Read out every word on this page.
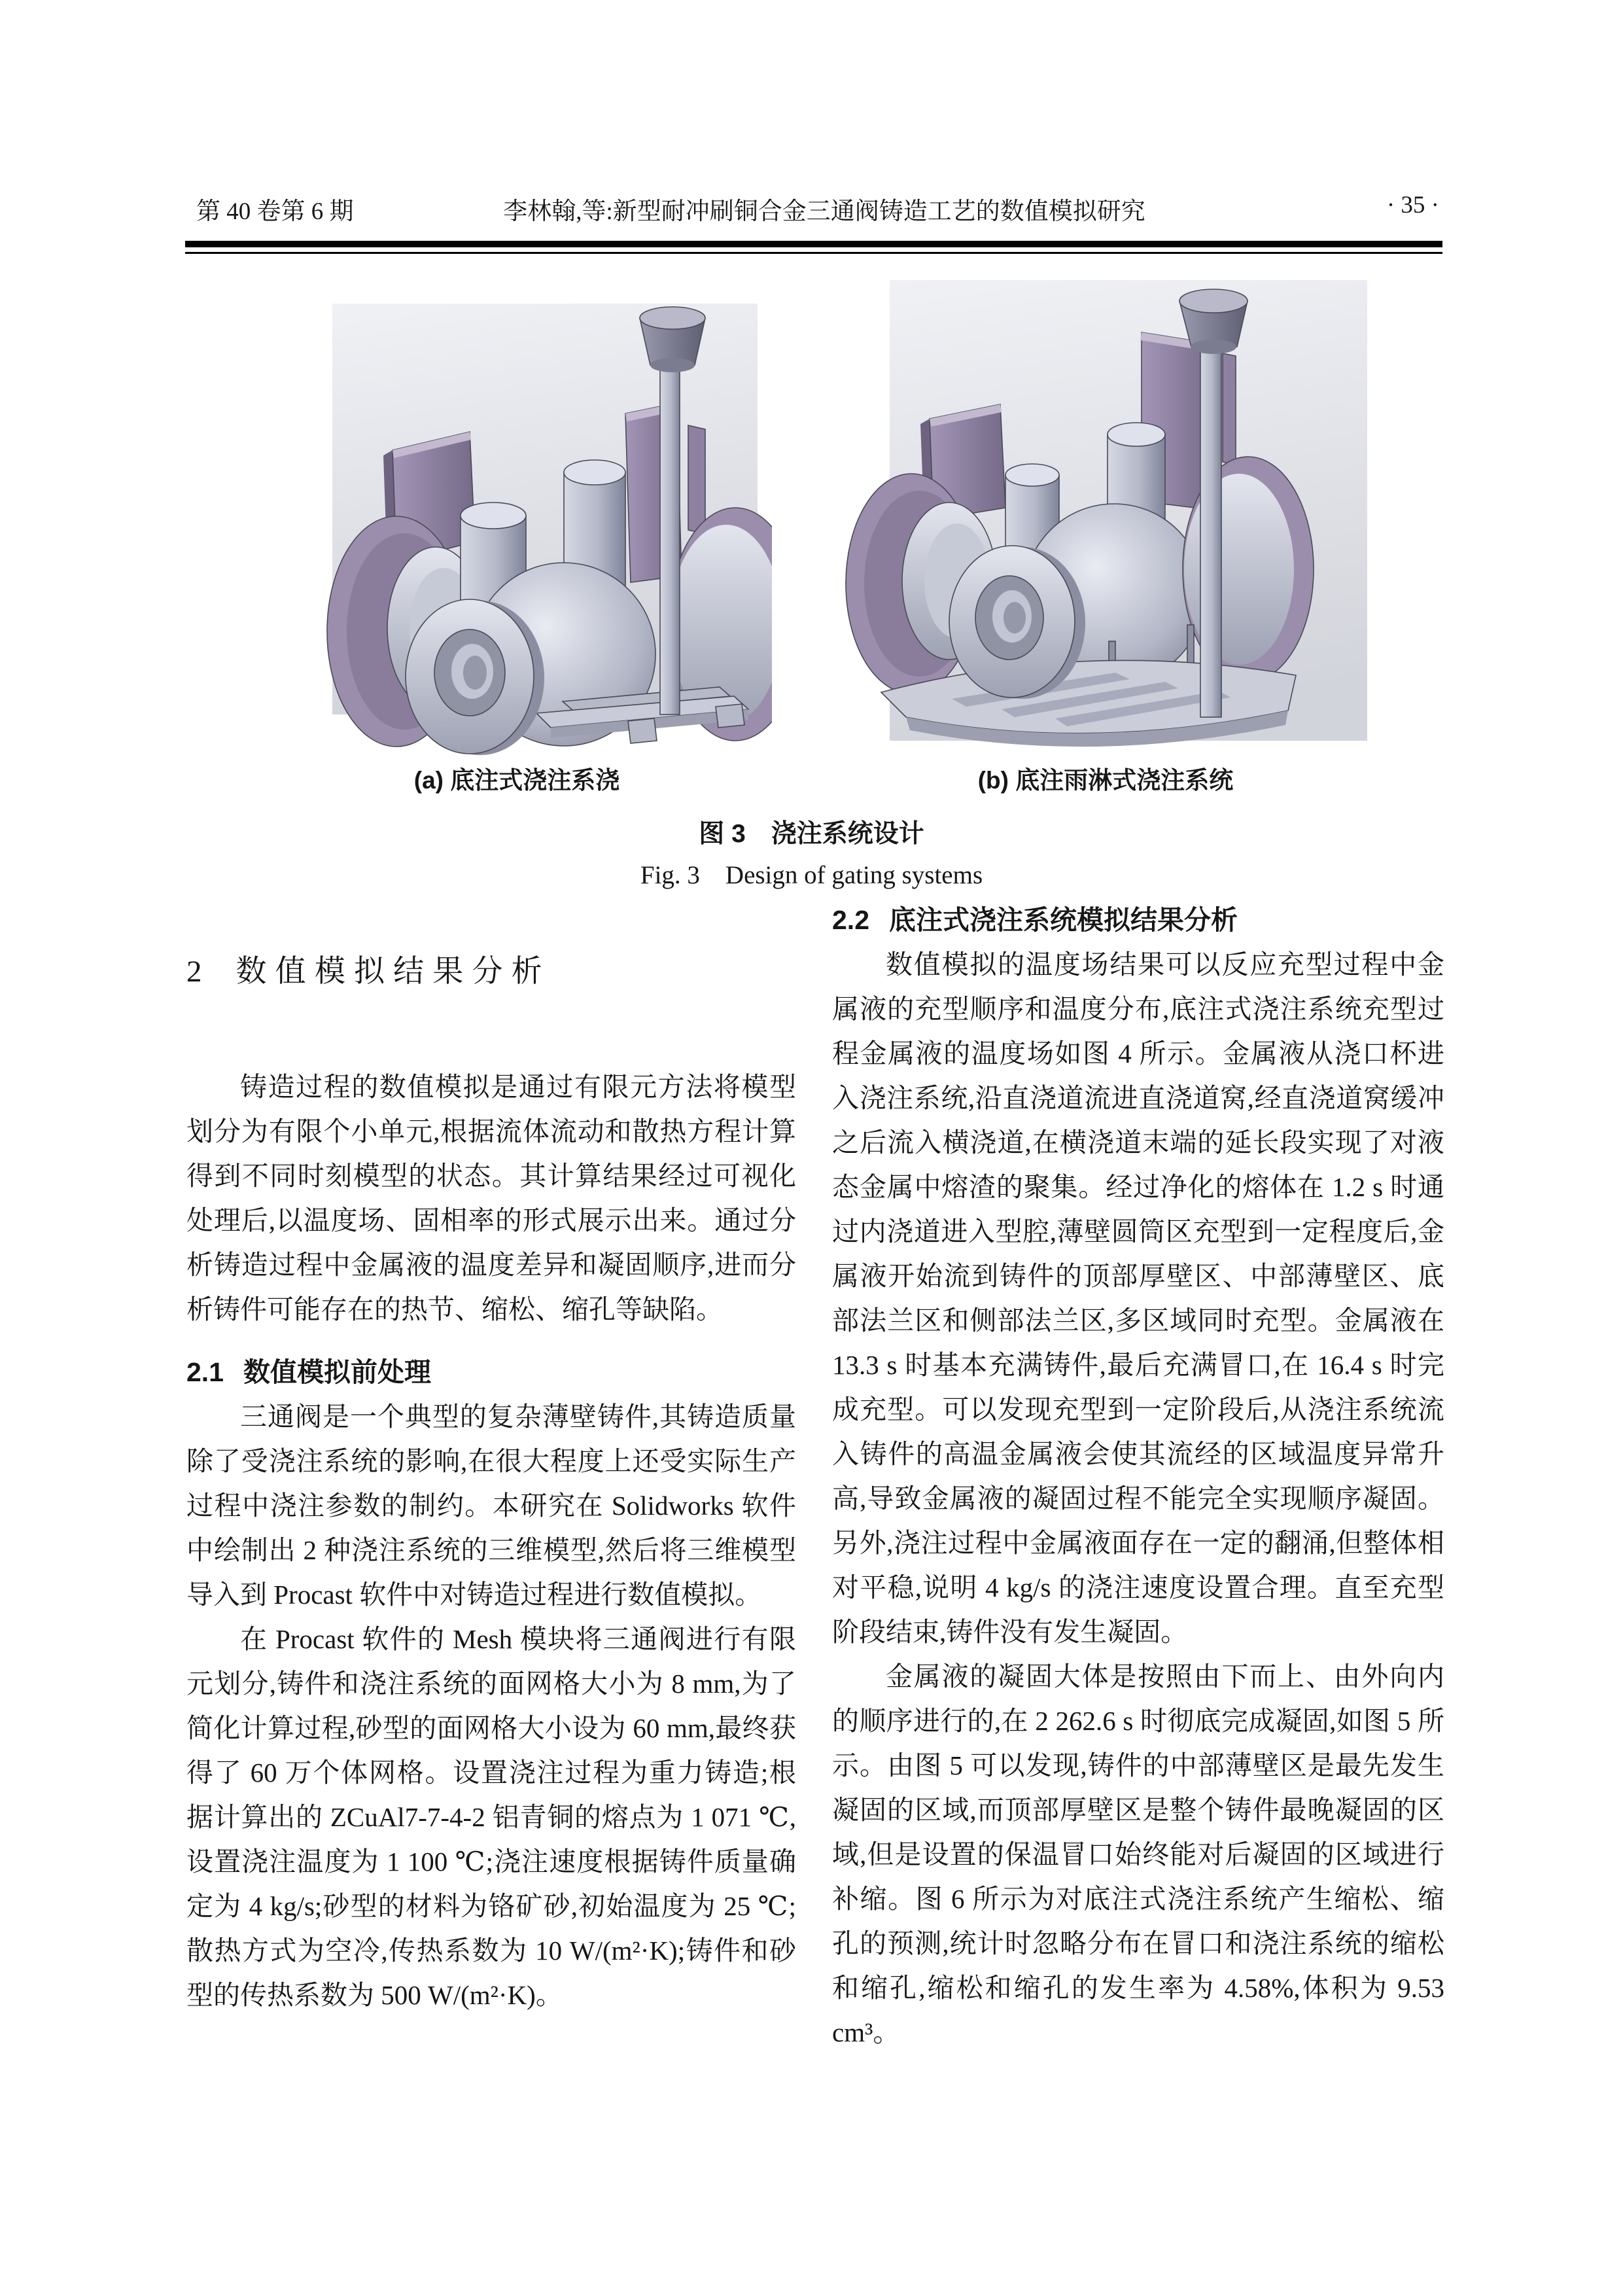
第 40 卷第 6 期	李林翰,等:新型耐冲刷铜合金三通阀铸造工艺的数值模拟研究	· 35 ·
(a) 底注式浇注系浇	(b) 底注雨淋式浇注系统
图 3　浇注系统设计
Fig. 3　Design of gating systems
2 数值模拟结果分析

铸造过程的数值模拟是通过有限元方法将模型划分为有限个小单元,根据流体流动和散热方程计算得到不同时刻模型的状态。其计算结果经过可视化处理后,以温度场、固相率的形式展示出来。通过分析铸造过程中金属液的温度差异和凝固顺序,进而分析铸件可能存在的热节、缩松、缩孔等缺陷。

2.1 数值模拟前处理

三通阀是一个典型的复杂薄壁铸件,其铸造质量除了受浇注系统的影响,在很大程度上还受实际生产过程中浇注参数的制约。本研究在 Solidworks 软件中绘制出 2 种浇注系统的三维模型,然后将三维模型导入到 Procast 软件中对铸造过程进行数值模拟。

在 Procast 软件的 Mesh 模块将三通阀进行有限元划分,铸件和浇注系统的面网格大小为 8 mm,为了简化计算过程,砂型的面网格大小设为 60 mm,最终获得了 60 万个体网格。设置浇注过程为重力铸造;根据计算出的 ZCuAl7-7-4-2 铝青铜的熔点为 1 071 ℃,设置浇注温度为 1 100 ℃;浇注速度根据铸件质量确定为 4 kg/s;砂型的材料为铬矿砂,初始温度为 25 ℃;散热方式为空冷,传热系数为 10 W/(m²·K);铸件和砂型的传热系数为 500 W/(m²·K)。

2.2 底注式浇注系统模拟结果分析

数值模拟的温度场结果可以反应充型过程中金属液的充型顺序和温度分布,底注式浇注系统充型过程金属液的温度场如图 4 所示。金属液从浇口杯进入浇注系统,沿直浇道流进直浇道窝,经直浇道窝缓冲之后流入横浇道,在横浇道末端的延长段实现了对液态金属中熔渣的聚集。经过净化的熔体在 1.2 s 时通过内浇道进入型腔,薄壁圆筒区充型到一定程度后,金属液开始流到铸件的顶部厚壁区、中部薄壁区、底部法兰区和侧部法兰区,多区域同时充型。金属液在 13.3 s 时基本充满铸件,最后充满冒口,在 16.4 s 时完成充型。可以发现充型到一定阶段后,从浇注系统流入铸件的高温金属液会使其流经的区域温度异常升高,导致金属液的凝固过程不能完全实现顺序凝固。另外,浇注过程中金属液面存在一定的翻涌,但整体相对平稳,说明 4 kg/s 的浇注速度设置合理。直至充型阶段结束,铸件没有发生凝固。

金属液的凝固大体是按照由下而上、由外向内的顺序进行的,在 2 262.6 s 时彻底完成凝固,如图 5 所示。由图 5 可以发现,铸件的中部薄壁区是最先发生凝固的区域,而顶部厚壁区是整个铸件最晚凝固的区域,但是设置的保温冒口始终能对后凝固的区域进行补缩。图 6 所示为对底注式浇注系统产生缩松、缩孔的预测,统计时忽略分布在冒口和浇注系统的缩松和缩孔,缩松和缩孔的发生率为 4.58%,体积为 9.53 cm³。
